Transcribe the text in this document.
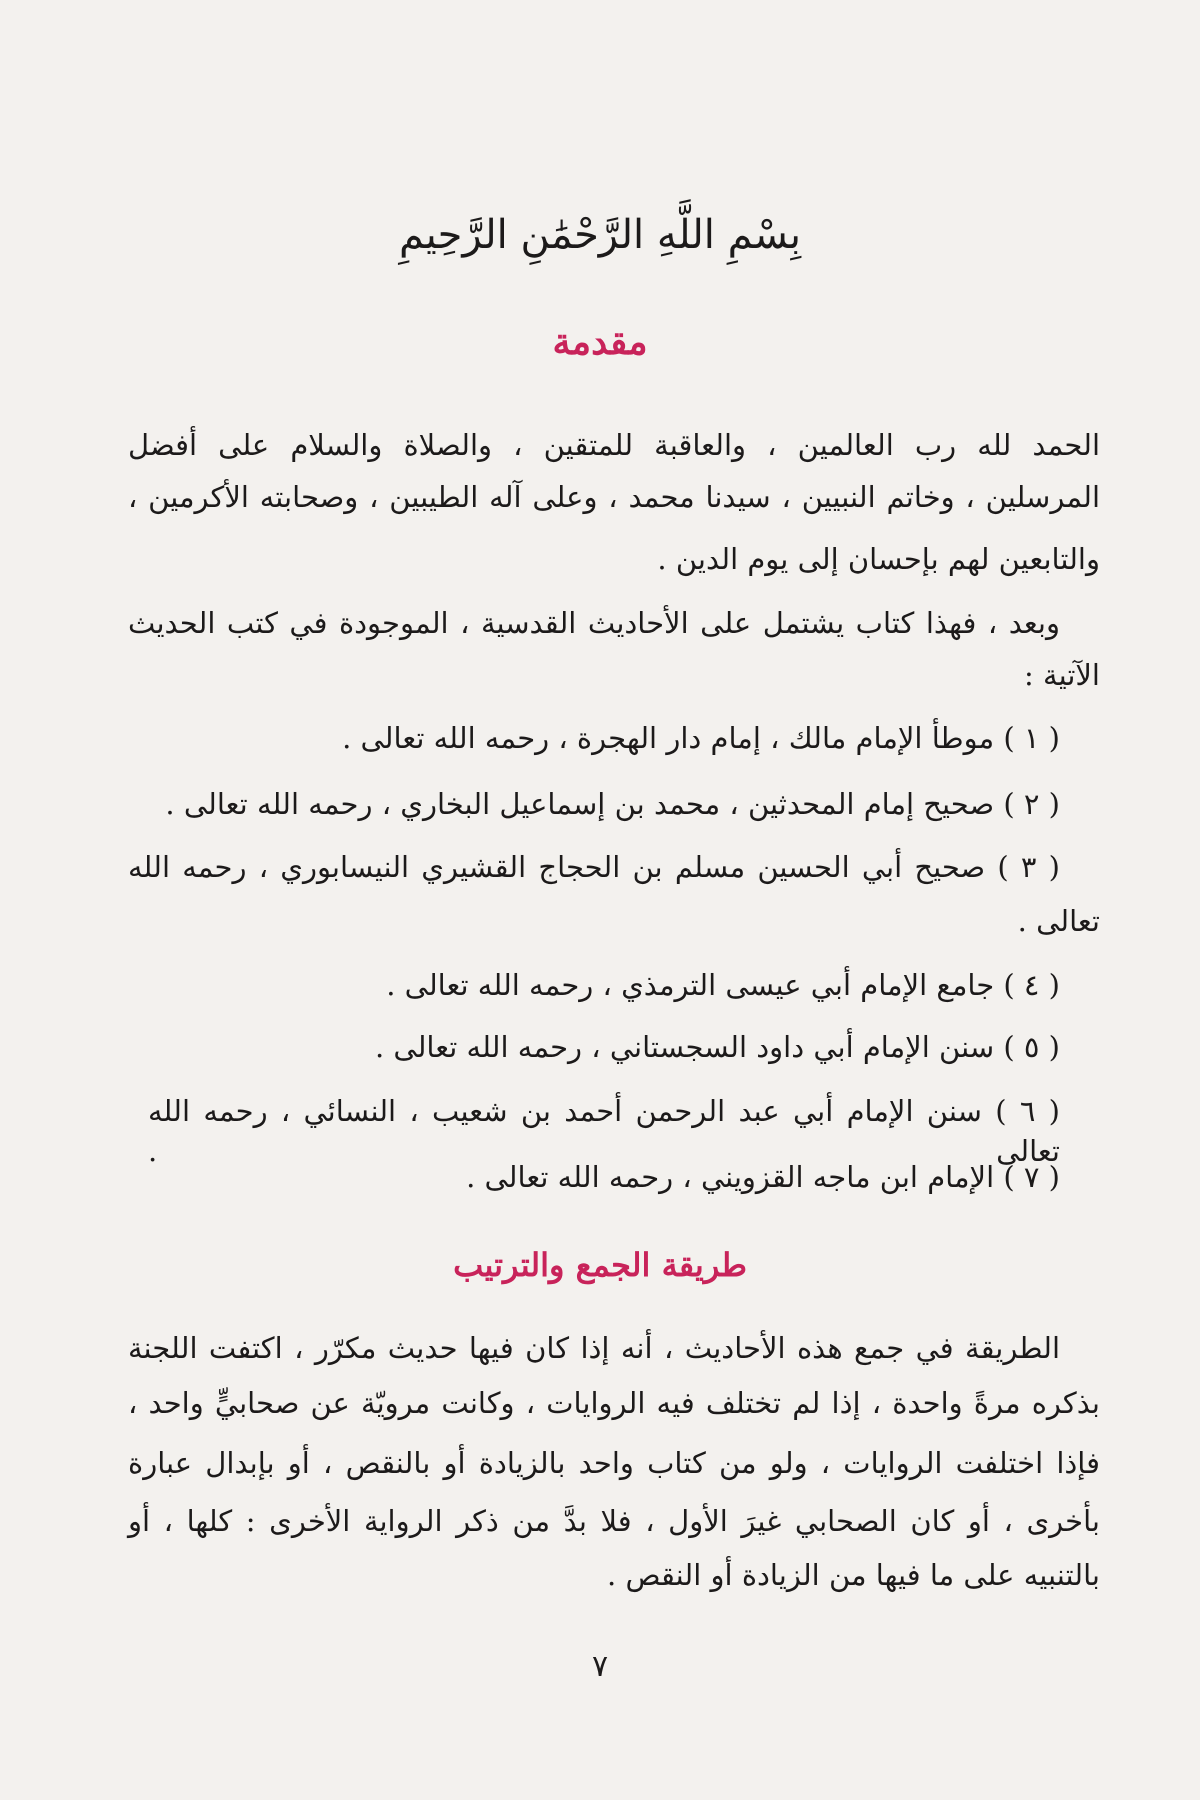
بِسْمِ اللَّهِ الرَّحْمَٰنِ الرَّحِيمِ
مقدمة
الحمد لله رب العالمين ، والعاقبة للمتقين ، والصلاة والسلام على أفضل
المرسلين ، وخاتم النبيين ، سيدنا محمد ، وعلى آله الطيبين ، وصحابته الأكرمين ،
والتابعين لهم بإحسان إلى يوم الدين .
وبعد ، فهذا كتاب يشتمل على الأحاديث القدسية ، الموجودة في كتب الحديث
الآتية :
( ١ ) موطأ الإمام مالك ، إمام دار الهجرة ، رحمه الله تعالى .
( ٢ ) صحيح إمام المحدثين ، محمد بن إسماعيل البخاري ، رحمه الله تعالى .
( ٣ ) صحيح أبي الحسين مسلم بن الحجاج القشيري النيسابوري ، رحمه الله
تعالى .
( ٤ ) جامع الإمام أبي عيسى الترمذي ، رحمه الله تعالى .
( ٥ ) سنن الإمام أبي داود السجستاني ، رحمه الله تعالى .
( ٦ ) سنن الإمام أبي عبد الرحمن أحمد بن شعيب ، النسائي ، رحمه الله تعالى .
( ٧ ) الإمام ابن ماجه القزويني ، رحمه الله تعالى .
طريقة الجمع والترتيب
الطريقة في جمع هذه الأحاديث ، أنه إذا كان فيها حديث مكرّر ، اكتفت اللجنة
بذكره مرةً واحدة ، إذا لم تختلف فيه الروايات ، وكانت مرويّة عن صحابيٍّ واحد ،
فإذا اختلفت الروايات ، ولو من كتاب واحد بالزيادة أو بالنقص ، أو بإبدال عبارة
بأخرى ، أو كان الصحابي غيرَ الأول ، فلا بدَّ من ذكر الرواية الأخرى : كلها ، أو
بالتنبيه على ما فيها من الزيادة أو النقص .
٧
